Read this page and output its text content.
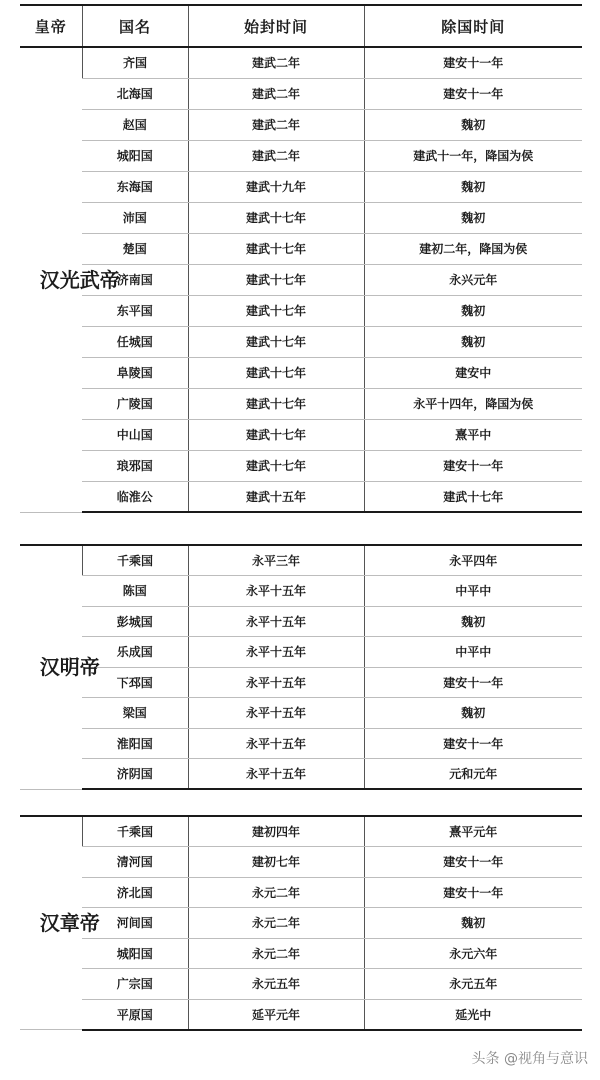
皇帝	国名	始封时间	除国时间
汉光武帝	齐国	建武二年	建安十一年
	北海国	建武二年	建安十一年
	赵国	建武二年	魏初
	城阳国	建武二年	建武十一年，降国为侯
	东海国	建武十九年	魏初
	沛国	建武十七年	魏初
	楚国	建武十七年	建初二年，降国为侯
	济南国	建武十七年	永兴元年
	东平国	建武十七年	魏初
	任城国	建武十七年	魏初
	阜陵国	建武十七年	建安中
	广陵国	建武十七年	永平十四年，降国为侯
	中山国	建武十七年	熹平中
	琅邪国	建武十七年	建安十一年
	临淮公	建武十五年	建武十七年
汉明帝	千乘国	永平三年	永平四年
	陈国	永平十五年	中平中
	彭城国	永平十五年	魏初
	乐成国	永平十五年	中平中
	下邳国	永平十五年	建安十一年
	梁国	永平十五年	魏初
	淮阳国	永平十五年	建安十一年
	济阴国	永平十五年	元和元年
汉章帝	千乘国	建初四年	熹平元年
	清河国	建初七年	建安十一年
	济北国	永元二年	建安十一年
	河间国	永元二年	魏初
	城阳国	永元二年	永元六年
	广宗国	永元五年	永元五年
	平原国	延平元年	延光中
头条 @视角与意识
